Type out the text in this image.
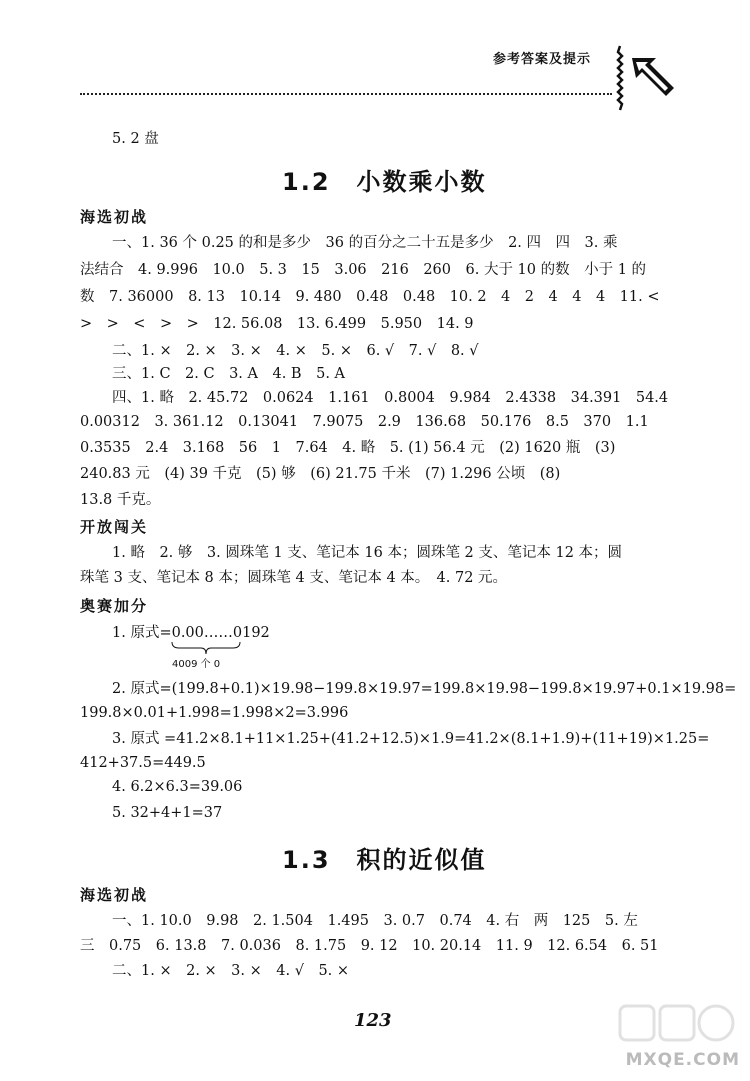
参考答案及提示
5. 2 盘
1.2　小数乘小数
海选初战
一、1. 36 个 0.25 的和是多少　36 的百分之二十五是多少　2. 四　四　3. 乘
法结合　4. 9.996　10.0　5. 3　15　3.06　216　260　6. 大于 10 的数　小于 1 的
数　7. 36000　8. 13　10.14　9. 480　0.48　0.48　10. 2　4　2　4　4　4　11. <
>　>　<　>　>　12. 56.08　13. 6.499　5.950　14. 9
二、1. ×　2. ×　3. ×　4. ×　5. ×　6. √　7. √　8. √
三、1. C　2. C　3. A　4. B　5. A
四、1. 略　2. 45.72　0.0624　1.161　0.8004　9.984　2.4338　34.391　54.4
0.00312　3. 361.12　0.13041　7.9075　2.9　136.68　50.176　8.5　370　1.1
0.3535　2.4　3.168　56　1　7.64　4. 略　5. (1) 56.4 元　(2) 1620 瓶　(3)
240.83 元　(4) 39 千克　(5) 够　(6) 21.75 千米　(7) 1.296 公顷　(8)
13.8 千克。
开放闯关
1. 略　2. 够　3. 圆珠笔 1 支、笔记本 16 本；圆珠笔 2 支、笔记本 12 本；圆
珠笔 3 支、笔记本 8 本；圆珠笔 4 支、笔记本 4 本。　4. 72 元。
奥赛加分
1. 原式=0.00……0192
4009 个 0
2. 原式=(199.8+0.1)×19.98−199.8×19.97=199.8×19.98−199.8×19.97+0.1×19.98=
199.8×0.01+1.998=1.998×2=3.996
3. 原式 =41.2×8.1+11×1.25+(41.2+12.5)×1.9=41.2×(8.1+1.9)+(11+19)×1.25=
412+37.5=449.5
4. 6.2×6.3=39.06
5. 32+4+1=37
1.3　积的近似值
海选初战
一、1. 10.0　9.98　2. 1.504　1.495　3. 0.7　0.74　4. 右　两　125　5. 左
三　0.75　6. 13.8　7. 0.036　8. 1.75　9. 12　10. 20.14　11. 9　12. 6.54　6. 51
二、1. ×　2. ×　3. ×　4. √　5. ×
123
MXQE.COM
